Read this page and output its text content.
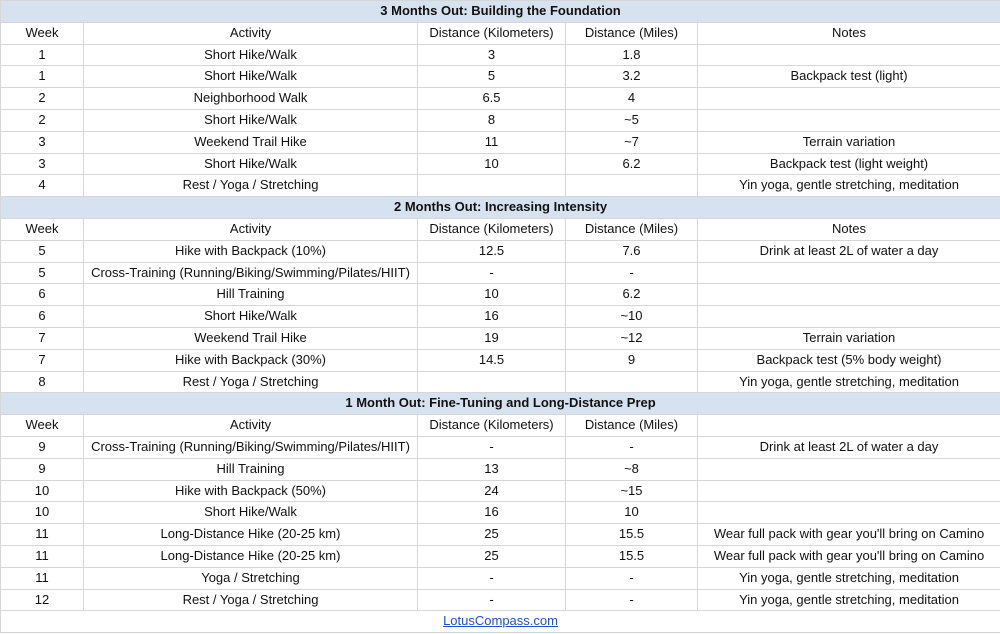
3 Months Out: Building the Foundation				
Week	Activity	Distance (Kilometers)	Distance (Miles)	Notes
1	Short Hike/Walk	3	1.8	
1	Short Hike/Walk	5	3.2	Backpack test (light)
2	Neighborhood Walk	6.5	4	
2	Short Hike/Walk	8	~5	
3	Weekend Trail Hike	11	~7	Terrain variation
3	Short Hike/Walk	10	6.2	Backpack test (light weight)
4	Rest / Yoga / Stretching			Yin yoga, gentle stretching, meditation
2 Months Out: Increasing Intensity				
Week	Activity	Distance (Kilometers)	Distance (Miles)	Notes
5	Hike with Backpack (10%)	12.5	7.6	Drink at least 2L of water a day
5	Cross-Training (Running/Biking/Swimming/Pilates/HIIT)	-	-	
6	Hill Training	10	6.2	
6	Short Hike/Walk	16	~10	
7	Weekend Trail Hike	19	~12	Terrain variation
7	Hike with Backpack (30%)	14.5	9	Backpack test (5% body weight)
8	Rest / Yoga / Stretching			Yin yoga, gentle stretching, meditation
1 Month Out: Fine-Tuning and Long-Distance Prep				
Week	Activity	Distance (Kilometers)	Distance (Miles)	
9	Cross-Training (Running/Biking/Swimming/Pilates/HIIT)	-	-	Drink at least 2L of water a day
9	Hill Training	13	~8	
10	Hike with Backpack (50%)	24	~15	
10	Short Hike/Walk	16	10	
11	Long-Distance Hike (20-25 km)	25	15.5	Wear full pack with gear you'll bring on Camino
11	Long-Distance Hike (20-25 km)	25	15.5	Wear full pack with gear you'll bring on Camino
11	Yoga / Stretching	-	-	Yin yoga, gentle stretching, meditation
12	Rest / Yoga / Stretching	-	-	Yin yoga, gentle stretching, meditation
LotusCompass.com				
